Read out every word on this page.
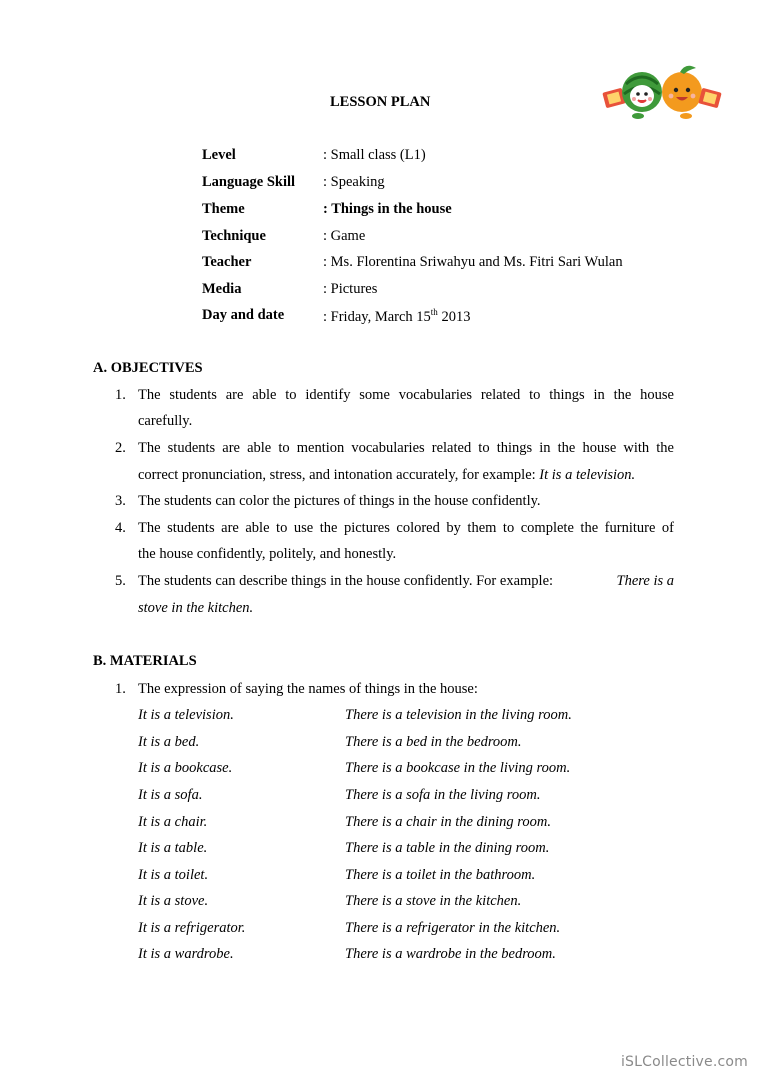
LESSON PLAN
Level	: Small class (L1)
Language Skill : Speaking
Theme	: Things in the house
Technique	: Game
Teacher	: Ms. Florentina Sriwahyu and Ms. Fitri Sari Wulan
Media	: Pictures
Day and date	: Friday, March 15th 2013
A. OBJECTIVES
1. The students are able to identify some vocabularies related to things in the house
carefully.
2. The students are able to mention vocabularies related to things in the house with the
correct pronunciation, stress, and intonation accurately, for example: It is a television.
3. The students can color the pictures of things in the house confidently.
4. The students are able to use the pictures colored by them to complete the furniture of
the house confidently, politely, and honestly.
5. The students can describe things in the house confidently. For example:	There is a
stove in the kitchen.
B. MATERIALS
1. The expression of saying the names of things in the house:
It is a television.	There is a television in the living room.
It is a bed.	There is a bed in the bedroom.
It is a bookcase.	There is a bookcase in the living room.
It is a sofa.	There is a sofa in the living room.
It is a chair.	There is a chair in the dining room.
It is a table.	There is a table in the dining room.
It is a toilet.	There is a toilet in the bathroom.
It is a stove.	There is a stove in the kitchen.
It is a refrigerator.	There is a refrigerator in the kitchen.
It is a wardrobe.	There is a wardrobe in the bedroom.
iSLCollective.com
